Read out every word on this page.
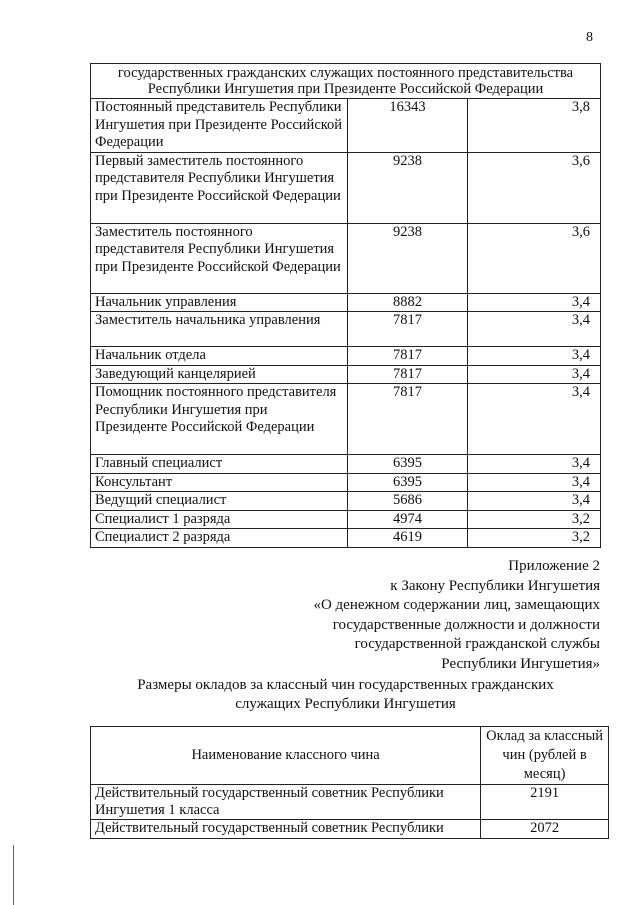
8
государственных гражданских служащих постоянного представительства Республики Ингушетия при Президенте Российской Федерации		
Постоянный представитель Республики Ингушетия при Президенте Российской Федерации	16343	3,8
Первый заместитель постоянного представителя Республики Ингушетия при Президенте Российской Федерации	9238	3,6
Заместитель постоянного представителя Республики Ингушетия при Президенте Российской Федерации	9238	3,6
Начальник управления	8882	3,4
Заместитель начальника управления	7817	3,4
Начальник отдела	7817	3,4
Заведующий канцелярией	7817	3,4
Помощник постоянного представителя Республики Ингушетия при Президенте Российской Федерации	7817	3,4
Главный специалист	6395	3,4
Консультант	6395	3,4
Ведущий специалист	5686	3,4
Специалист 1 разряда	4974	3,2
Специалист 2 разряда	4619	3,2
Приложение 2
к Закону Республики Ингушетия
«О денежном содержании лиц, замещающих
государственные должности и должности
государственной гражданской службы
Республики Ингушетия»
Размеры окладов за классный чин государственных гражданских
служащих Республики Ингушетия
Наименование классного чина	Оклад за классный чин (рублей в месяц)
Действительный государственный советник Республики Ингушетия 1 класса	2191
Действительный государственный советник Республики	2072
